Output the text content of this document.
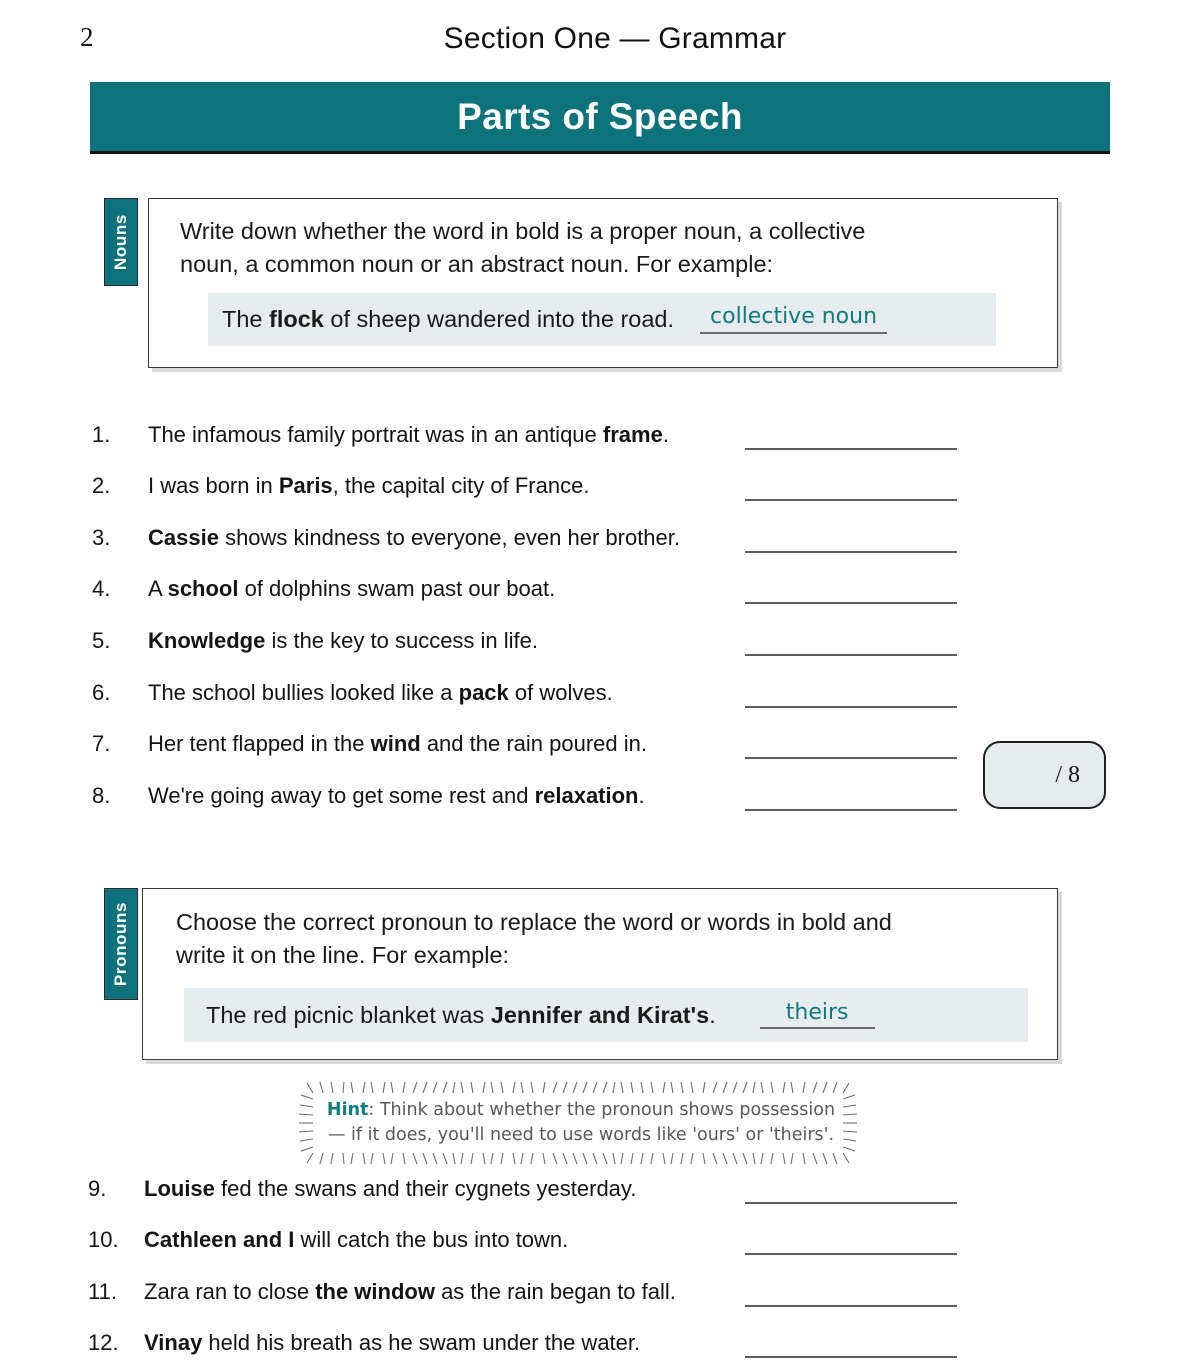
2	Section One — Grammar
Parts of Speech
Nouns Write down whether the word in bold is a proper noun, a collective
noun, a common noun or an abstract noun. For example:
The flock of sheep wandered into the road.	collective noun
1.	The infamous family portrait was in an antique frame.
2.	I was born in Paris, the capital city of France.
3.	Cassie shows kindness to everyone, even her brother.
4.	A school of dolphins swam past our boat.
5.	Knowledge is the key to success in life.
6.	The school bullies looked like a pack of wolves.
7.	Her tent flapped in the wind and the rain poured in.
8.	We're going away to get some rest and relaxation.
/ 8
Pronouns Choose the correct pronoun to replace the word or words in bold and
write it on the line. For example:
The red picnic blanket was Jennifer and Kirat's.	theirs
Hint: Think about whether the pronoun shows possession
— if it does, you'll need to use words like 'ours' or 'theirs'.
9.	Louise fed the swans and their cygnets yesterday.
10.	Cathleen and I will catch the bus into town.
11.	Zara ran to close the window as the rain began to fall.
12.	Vinay held his breath as he swam under the water.
